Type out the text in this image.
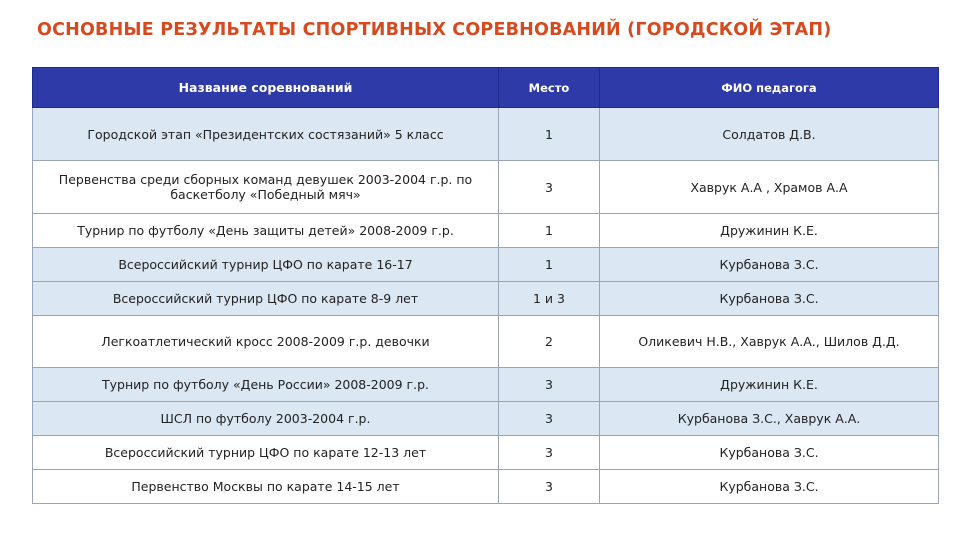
ОСНОВНЫЕ РЕЗУЛЬТАТЫ СПОРТИВНЫХ СОРЕВНОВАНИЙ (ГОРОДСКОЙ ЭТАП)
Название соревнований	Место	ФИО педагога
Городской этап «Президентских состязаний» 5 класс	1	Солдатов Д.В.
Первенства среди сборных команд девушек 2003-2004 г.р. по баскетболу «Победный мяч»	3	Хаврук А.А , Храмов А.А
Турнир по футболу «День защиты детей» 2008-2009 г.р.	1	Дружинин К.Е.
Всероссийский турнир ЦФО по карате 16-17	1	Курбанова З.С.
Всероссийский турнир ЦФО по карате 8-9 лет	1 и 3	Курбанова З.С.
Легкоатлетический кросс 2008-2009 г.р. девочки	2	Оликевич Н.В., Хаврук А.А., Шилов Д.Д.
Турнир по футболу «День России» 2008-2009 г.р.	3	Дружинин К.Е.
ШСЛ по футболу 2003-2004 г.р.	3	Курбанова З.С., Хаврук А.А.
Всероссийский турнир ЦФО по карате 12-13 лет	3	Курбанова З.С.
Первенство Москвы по карате 14-15 лет	3	Курбанова З.С.
